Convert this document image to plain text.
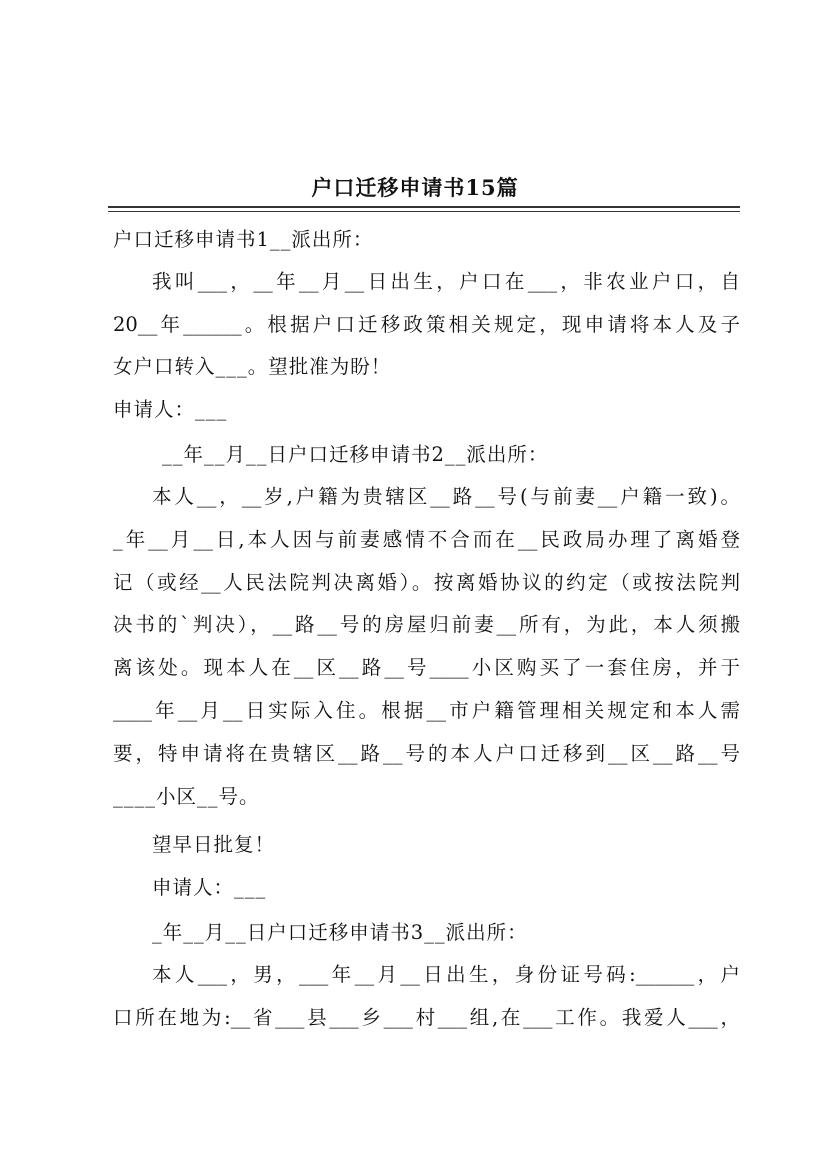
户口迁移申请书15篇
户口迁移申请书1__派出所：
我叫___，__年__月__日出生，户口在___，非农业户口，自
20__年______。根据户口迁移政策相关规定，现申请将本人及子
女户口转入___。望批准为盼！
申请人：___
__年__月__日户口迁移申请书2__派出所：
本人__，__岁,户籍为贵辖区__路__号(与前妻__户籍一致)。
_年__月__日,本人因与前妻感情不合而在__民政局办理了离婚登
记（或经__人民法院判决离婚）。按离婚协议的约定（或按法院判
决书的`判决），__路__号的房屋归前妻__所有，为此，本人须搬
离该处。现本人在__区__路__号____小区购买了一套住房，并于
____年__月__日实际入住。根据__市户籍管理相关规定和本人需
要，特申请将在贵辖区__路__号的本人户口迁移到__区__路__号
____小区__号。
望早日批复！
申请人：___
_年__月__日户口迁移申请书3__派出所：
本人___，男，___年__月__日出生，身份证号码:______，户
口所在地为:__省___县___乡___村___组,在___工作。我爱人___，
